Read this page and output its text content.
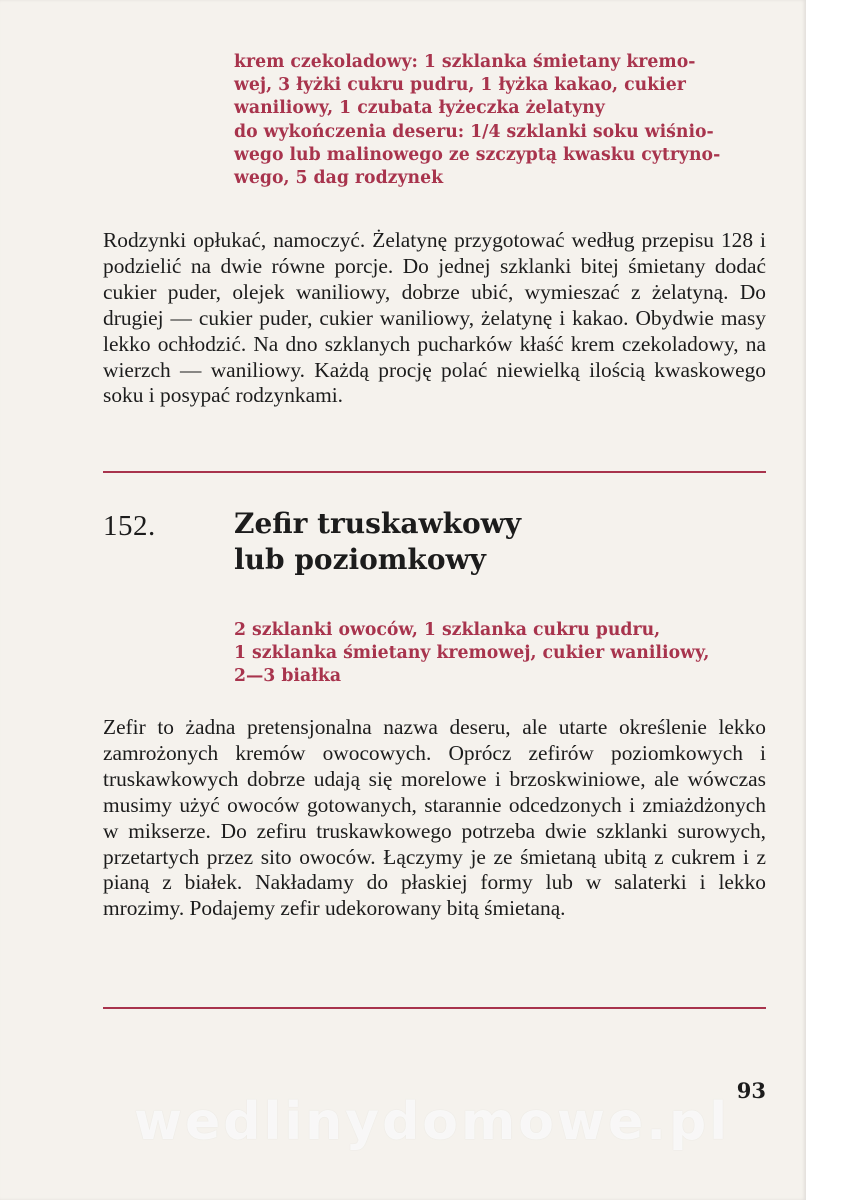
krem czekoladowy: 1 szklanka śmietany kremo-
wej, 3 łyżki cukru pudru, 1 łyżka kakao, cukier
waniliowy, 1 czubata łyżeczka żelatyny
do wykończenia deseru: 1/4 szklanki soku wiśnio-
wego lub malinowego ze szczyptą kwasku cytryno-
wego, 5 dag rodzynek
Rodzynki opłukać, namoczyć. Żelatynę przygotować według przepisu 128 i podzielić na dwie równe porcje. Do jednej szklanki bitej śmietany dodać cukier puder, olejek waniliowy, dobrze ubić, wymieszać z żelatyną. Do drugiej — cukier puder, cukier waniliowy, żelatynę i kakao. Obydwie masy lekko ochłodzić. Na dno szklanych pucharków kłaść krem czekoladowy, na wierzch — waniliowy. Każdą procję polać niewielką ilością kwaskowego soku i posypać rodzynkami.
152.	Zefir truskawkowy
lub poziomkowy
2 szklanki owoców, 1 szklanka cukru pudru,
1 szklanka śmietany kremowej, cukier waniliowy,
2—3 białka
Zefir to żadna pretensjonalna nazwa deseru, ale utarte określenie lekko zamrożonych kremów owocowych. Oprócz zefirów poziomkowych i truskawkowych dobrze udają się morelowe i brzoskwiniowe, ale wówczas musimy użyć owoców gotowanych, starannie odcedzonych i zmiażdżonych w mikserze. Do zefiru truskawkowego potrzeba dwie szklanki surowych, przetartych przez sito owoców. Łączymy je ze śmietaną ubitą z cukrem i z pianą z białek. Nakładamy do płaskiej formy lub w salaterki i lekko mrozimy. Podajemy zefir udekorowany bitą śmietaną.
93
wedlinydomowe.pl
